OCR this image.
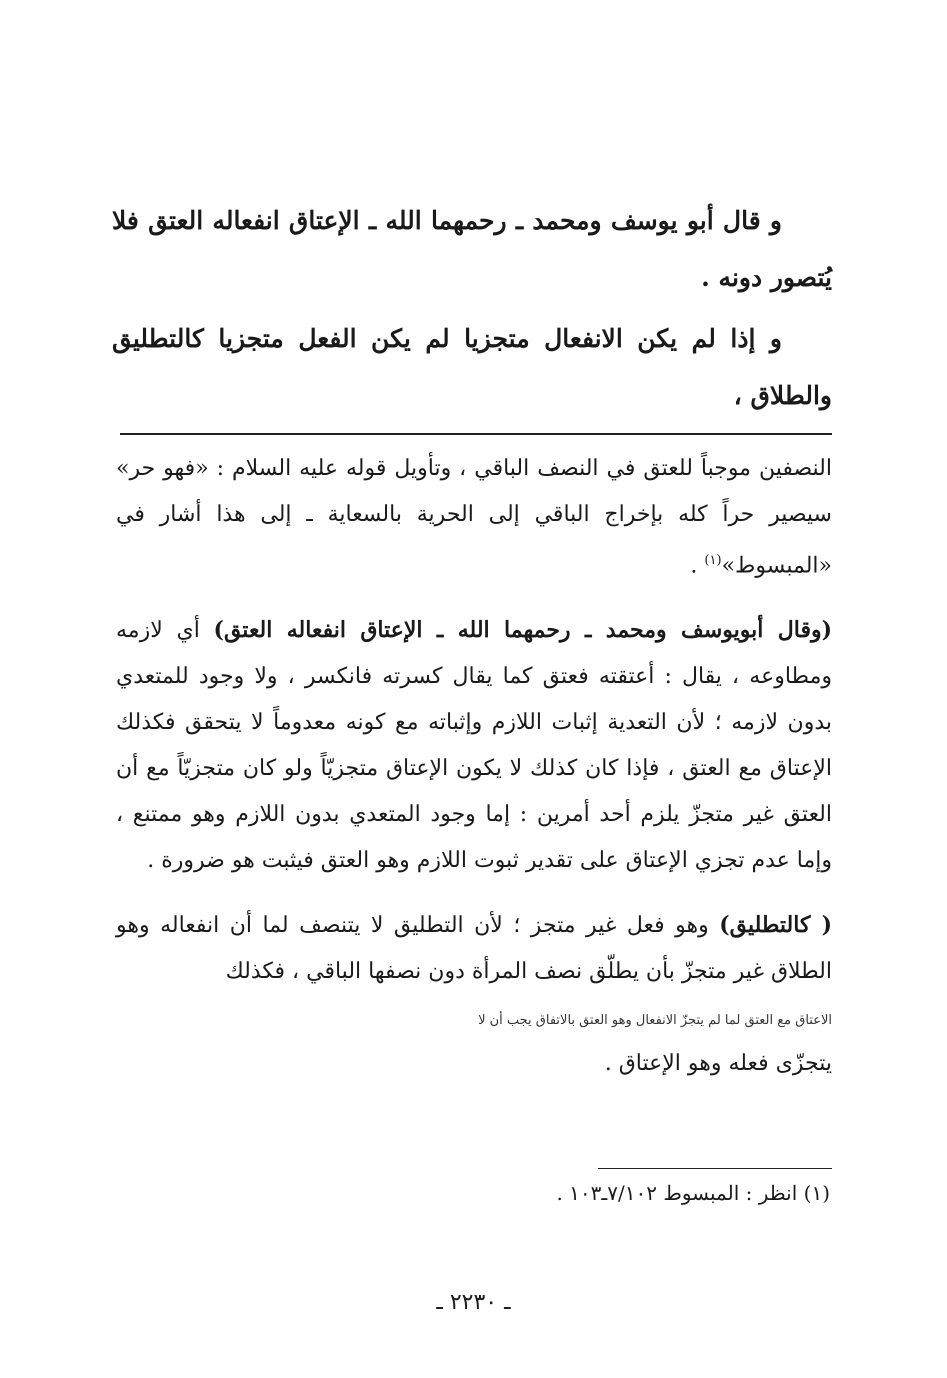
و قال أبو يوسف ومحمد ـ رحمهما الله ـ الإعتاق انفعاله العتق فلا يُتصور دونه .

و إذا لم يكن الانفعال متجزيا لم يكن الفعل متجزيا كالتطليق والطلاق ،

النصفين موجباً للعتق في النصف الباقي ، وتأويل قوله عليه السلام : «فهو حر» سيصير حراً كله بإخراج الباقي إلى الحرية بالسعاية ـ إلى هذا أشار في «المبسوط»$^{(١)}$ .

(وقال أبويوسف ومحمد ـ رحمهما الله ـ الإعتاق انفعاله العتق) أي لازمه ومطاوعه ، يقال : أعتقته فعتق كما يقال كسرته فانكسر ، ولا وجود للمتعدي بدون لازمه ؛ لأن التعدية إثبات اللازم وإثباته مع كونه معدوماً لا يتحقق فكذلك الإعتاق مع العتق ، فإذا كان كذلك لا يكون الإعتاق متجزيّاً ولو كان متجزيّاً مع أن العتق غير متجزّ يلزم أحد أمرين : إما وجود المتعدي بدون اللازم وهو ممتنع ، وإما عدم تجزي الإعتاق على تقدير ثبوت اللازم وهو العتق فيثبت هو ضرورة .

( كالتطليق) وهو فعل غير متجز ؛ لأن التطليق لا يتنصف لما أن انفعاله وهو الطلاق غير متجزّ بأن يطلّق نصف المرأة دون نصفها الباقي ، فكذلك

الاعتاق مع العتق لما لم يتجزّ الانفعال وهو العتق بالاتفاق يجب أن لا

يتجزّى فعله وهو الإعتاق .

(١) انظر : المبسوط ٧/١٠٢ـ١٠٣ .

ـ ٢٢٣٠ ـ
